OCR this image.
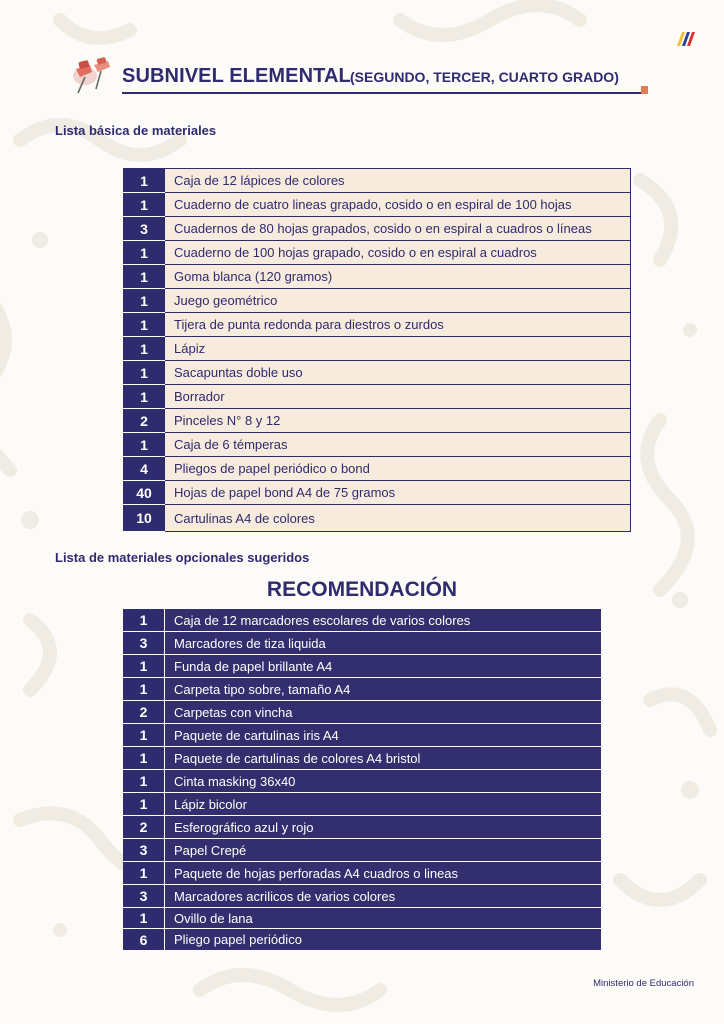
SUBNIVEL ELEMENTAL (SEGUNDO, TERCER, CUARTO GRADO)
Lista básica de materiales
1	Caja de 12 lápices de colores
1	Cuaderno de cuatro lineas grapado, cosido o en espiral de 100 hojas
3	Cuadernos de 80 hojas grapados, cosido o en espiral a cuadros o líneas
1	Cuaderno de 100 hojas grapado, cosido o en espiral a cuadros
1	Goma blanca (120 gramos)
1	Juego geométrico
1	Tijera de punta redonda para diestros o zurdos
1	Lápiz
1	Sacapuntas doble uso
1	Borrador
2	Pinceles N° 8 y 12
1	Caja de 6 témperas
4	Pliegos de papel periódico o bond
40	Hojas de papel bond A4 de 75 gramos
10	Cartulinas A4 de colores
Lista de materiales opcionales sugeridos
RECOMENDACIÓN
1	Caja de 12 marcadores escolares de varios colores
3	Marcadores de tiza liquida
1	Funda de papel brillante A4
1	Carpeta tipo sobre, tamaño A4
2	Carpetas con vincha
1	Paquete de cartulinas iris A4
1	Paquete de cartulinas de colores A4 bristol
1	Cinta masking 36x40
1	Lápiz bicolor
2	Esferográfico azul y rojo
3	Papel Crepé
1	Paquete de hojas perforadas A4 cuadros o lineas
3	Marcadores acrilicos de varios colores
1	Ovillo de lana
6	Pliego papel periódico
Ministerio de Educación
